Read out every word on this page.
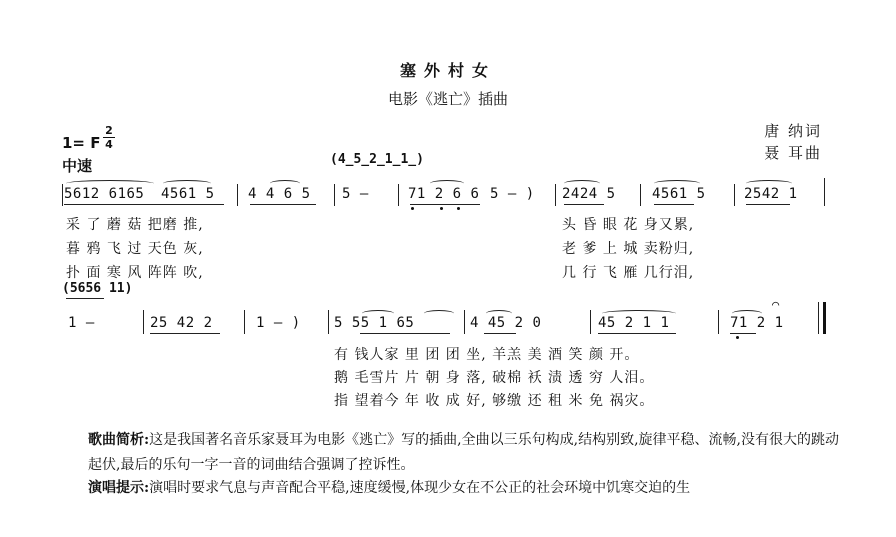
塞外村女
电影《逃亡》插曲
唐 纳词
聂 耳曲
1= F
2
4
中速	(4̲5̲2̲1̲1̲)
5612 6165 4561 5 4 4 6 5 5 –	71 2 6 6 5 – ) 2424 5	4561 5	2542 1
采 了 蘑 菇 把磨 推,	头 昏 眼 花 身又累,
暮 鸦 飞 过 天色 灰,	老 爹 上 城 卖粉归,
扑 面 寒 风 阵阵 吹,	几 行 飞 雁 几行泪,
(5656 11)
1 –	25 42 2	1 – ) 5 55 1 65	4 45 2 0	45 2 1 1	71 2 1
⌒
有 钱人家 里 团 团 坐, 羊羔 美 酒 笑 颜 开。
鹅 毛雪片 片 朝 身 落, 破棉 袄 渍 透 穷 人泪。
指 望着今 年 收 成 好, 够缴 还 租 米 免 祸灾。
歌曲简析:这是我国著名音乐家聂耳为电影《逃亡》写的插曲,全曲以三乐句构成,结构别致,旋律平稳、流畅,没有很大的跳动起伏,最后的乐句一字一音的词曲结合强调了控诉性。
演唱提示:演唱时要求气息与声音配合平稳,速度缓慢,体现少女在不公正的社会环境中饥寒交迫的生
